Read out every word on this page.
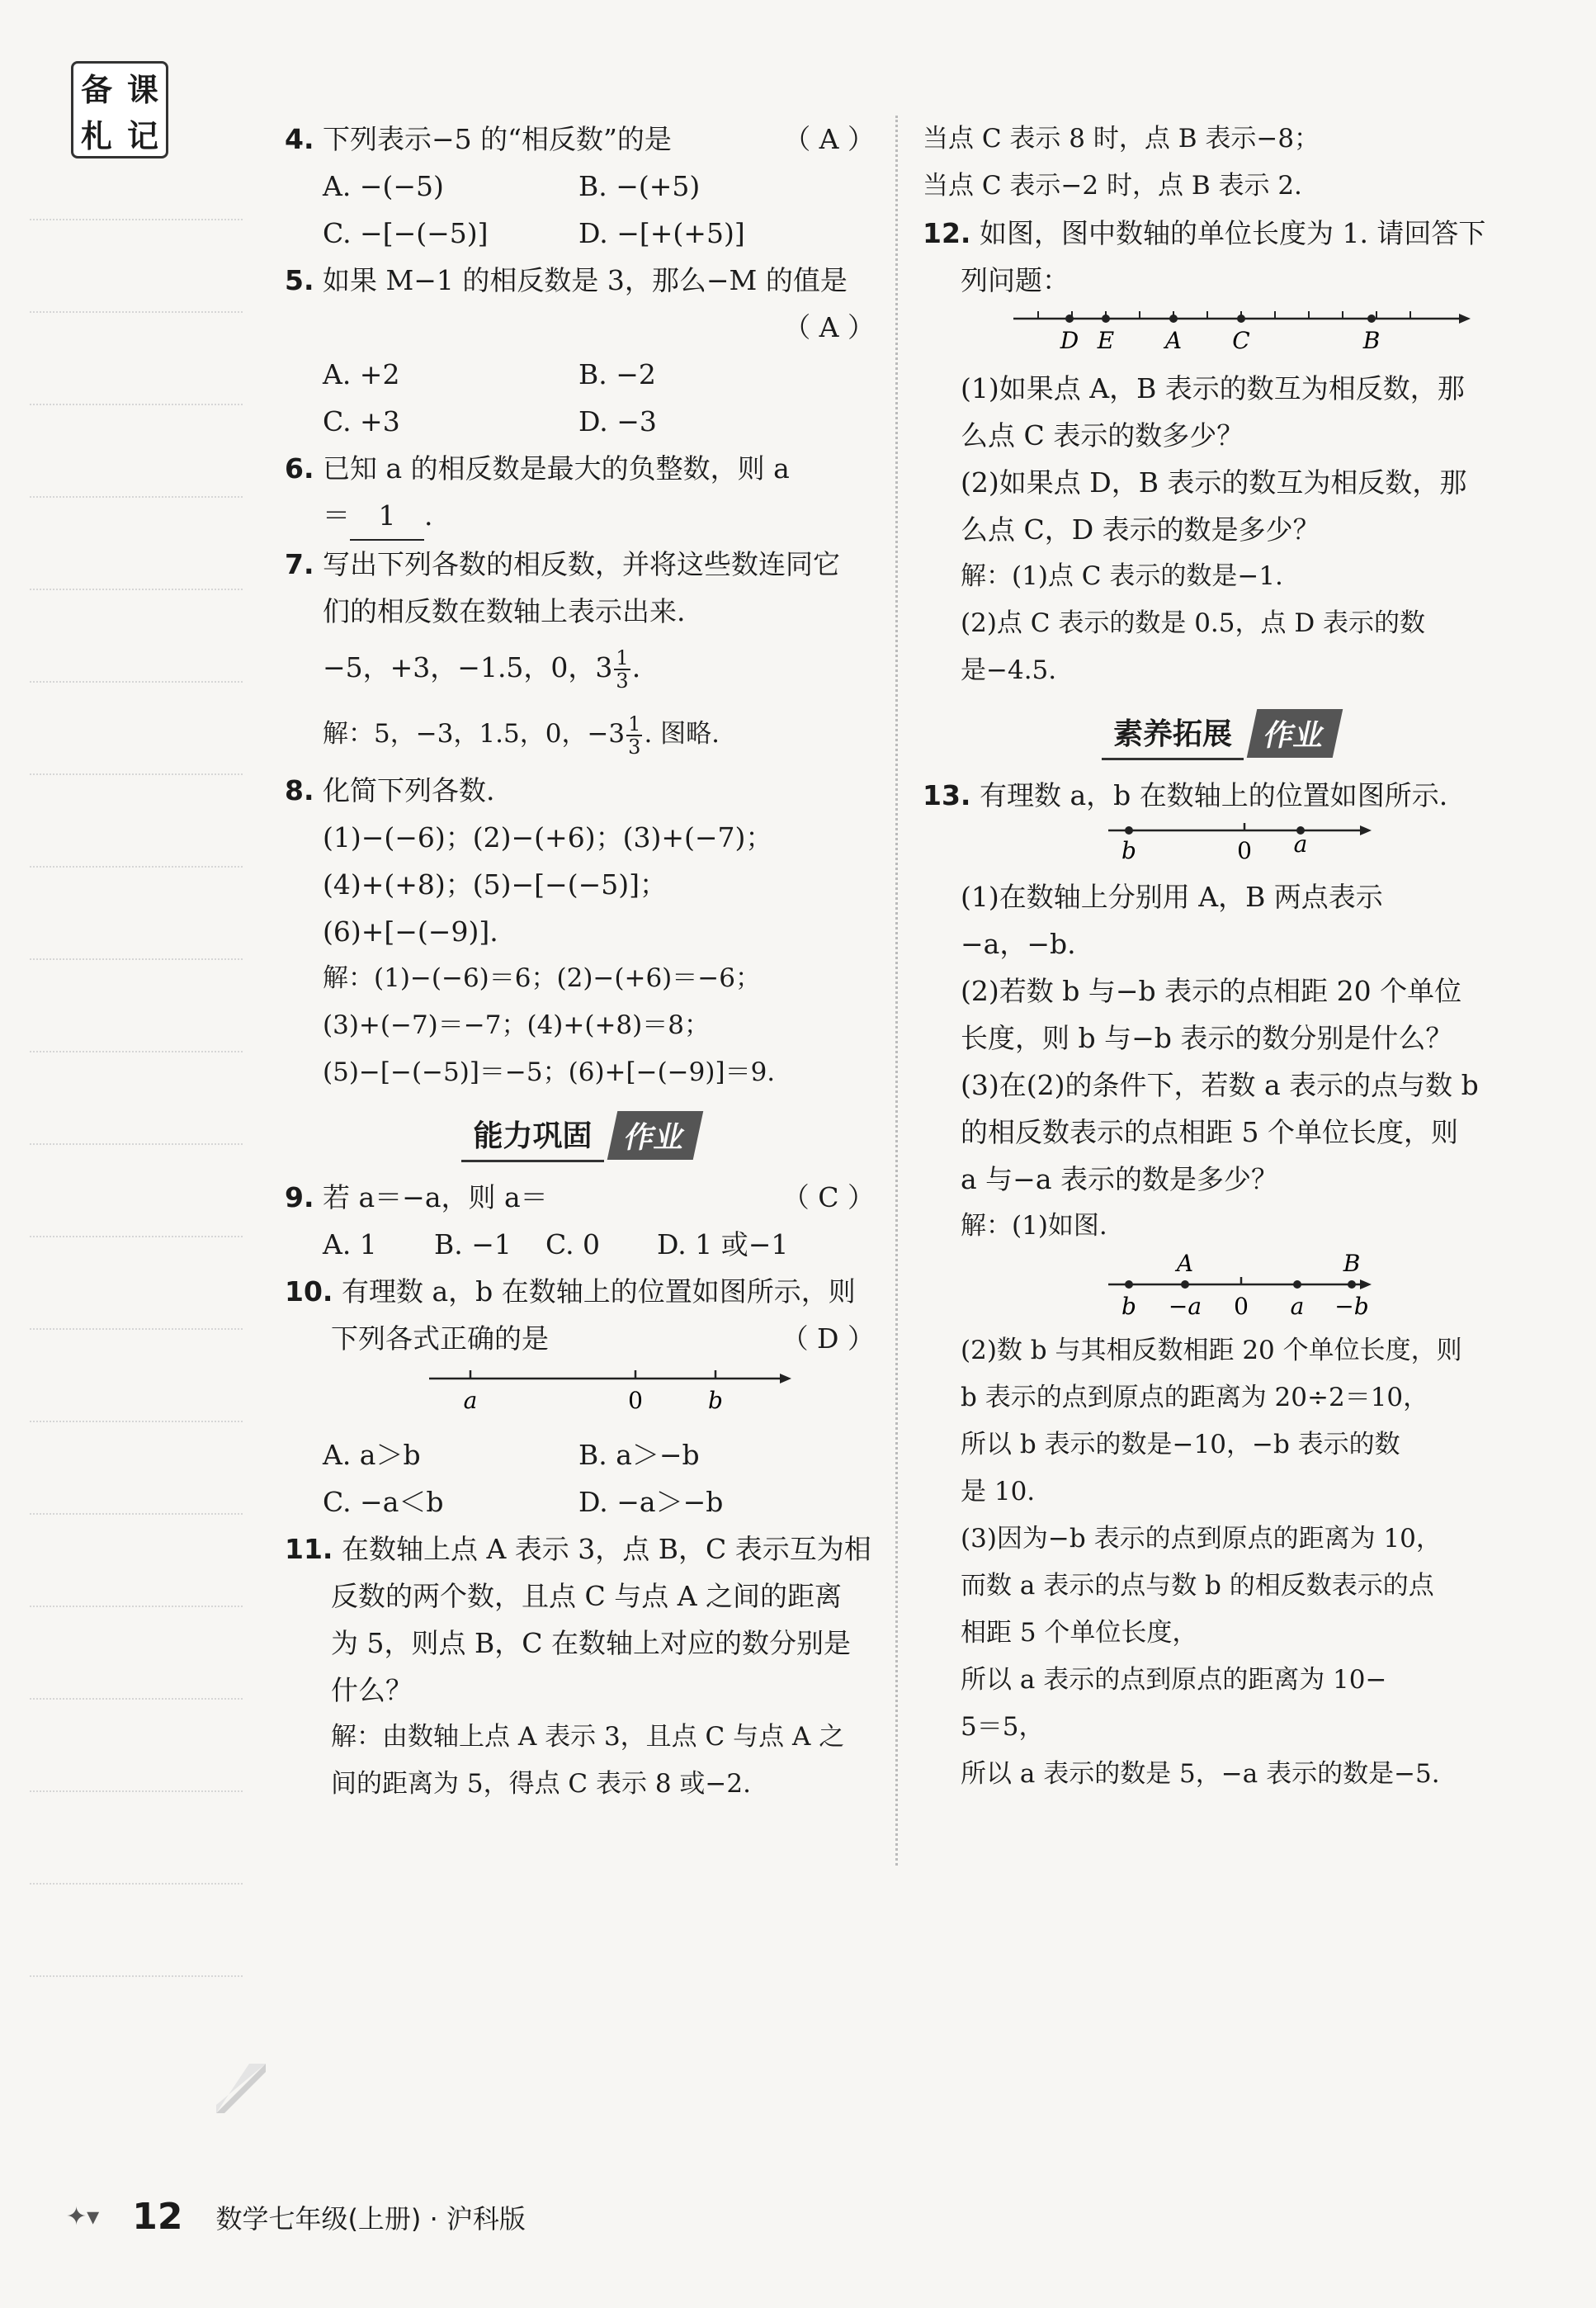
备 课
札 记	4. 下列表示−5 的“相反数”的是	（ A ）
A. −(−5)	B. −(+5)
C. −[−(−5)]	D. −[+(+5)]
5. 如果 M−1 的相反数是 3，那么−M 的值是
（ A ）
A. +2	B. −2
C. +3	D. −3
6. 已知 a 的相反数是最大的负整数，则 a
＝ 1 .
7. 写出下列各数的相反数，并将这些数连同它
们的相反数在数轴上表示出来.
−5，+3，−1.5，0，$3 \frac{1}{3}$ .
解：5，−3，1.5，0，$-3 \frac{1}{3}$ . 图略.
8. 化简下列各数.
(1)−(−6)；(2)−(+6)；(3)+(−7)；
(4)+(+8)；(5)−[−(−5)]；
(6)+[−(−9)].
解：(1)−(−6)＝6；(2)−(+6)＝−6；
(3)+(−7)＝−7；(4)+(+8)＝8；
(5)−[−(−5)]＝−5；(6)+[−(−9)]＝9.
能力巩固 作业
9. 若 a＝−a，则 a＝	（ C ）
A. 1	B. −1	C. 0	D. 1 或−1
10. 有理数 a，b 在数轴上的位置如图所示，则
下列各式正确的是	（ D ）
a	0	b
A. a＞b	B. a＞−b
C. −a＜b	D. −a＞−b
11. 在数轴上点 A 表示 3，点 B，C 表示互为相
反数的两个数，且点 C 与点 A 之间的距离
为 5，则点 B，C 在数轴上对应的数分别是
什么？
解：由数轴上点 A 表示 3，且点 C 与点 A 之
间的距离为 5，得点 C 表示 8 或−2.
当点 C 表示 8 时，点 B 表示−8；
当点 C 表示−2 时，点 B 表示 2.
12. 如图，图中数轴的单位长度为 1. 请回答下
列问题：
D E A C	B
(1)如果点 A，B 表示的数互为相反数，那
么点 C 表示的数多少？
(2)如果点 D，B 表示的数互为相反数，那
么点 C，D 表示的数是多少？
解：(1)点 C 表示的数是−1.
(2)点 C 表示的数是 0.5，点 D 表示的数
是−4.5.
素养拓展 作业
13. 有理数 a，b 在数轴上的位置如图所示.
b	0 a
(1)在数轴上分别用 A，B 两点表示
−a，−b.
(2)若数 b 与−b 表示的点相距 20 个单位
长度，则 b 与−b 表示的数分别是什么？
(3)在(2)的条件下，若数 a 表示的点与数 b
的相反数表示的点相距 5 个单位长度，则
a 与−a 表示的数是多少？
解：(1)如图.
A	B
b −a 0 a −b
(2)数 b 与其相反数相距 20 个单位长度，则
b 表示的点到原点的距离为 20÷2＝10，
所以 b 表示的数是−10，−b 表示的数
是 10.
(3)因为−b 表示的点到原点的距离为 10，
而数 a 表示的点与数 b 的相反数表示的点
相距 5 个单位长度，
所以 a 表示的点到原点的距离为 10−
5＝5，
所以 a 表示的数是 5，−a 表示的数是−5.
✦▾ 12 数学七年级(上册) · 沪科版
